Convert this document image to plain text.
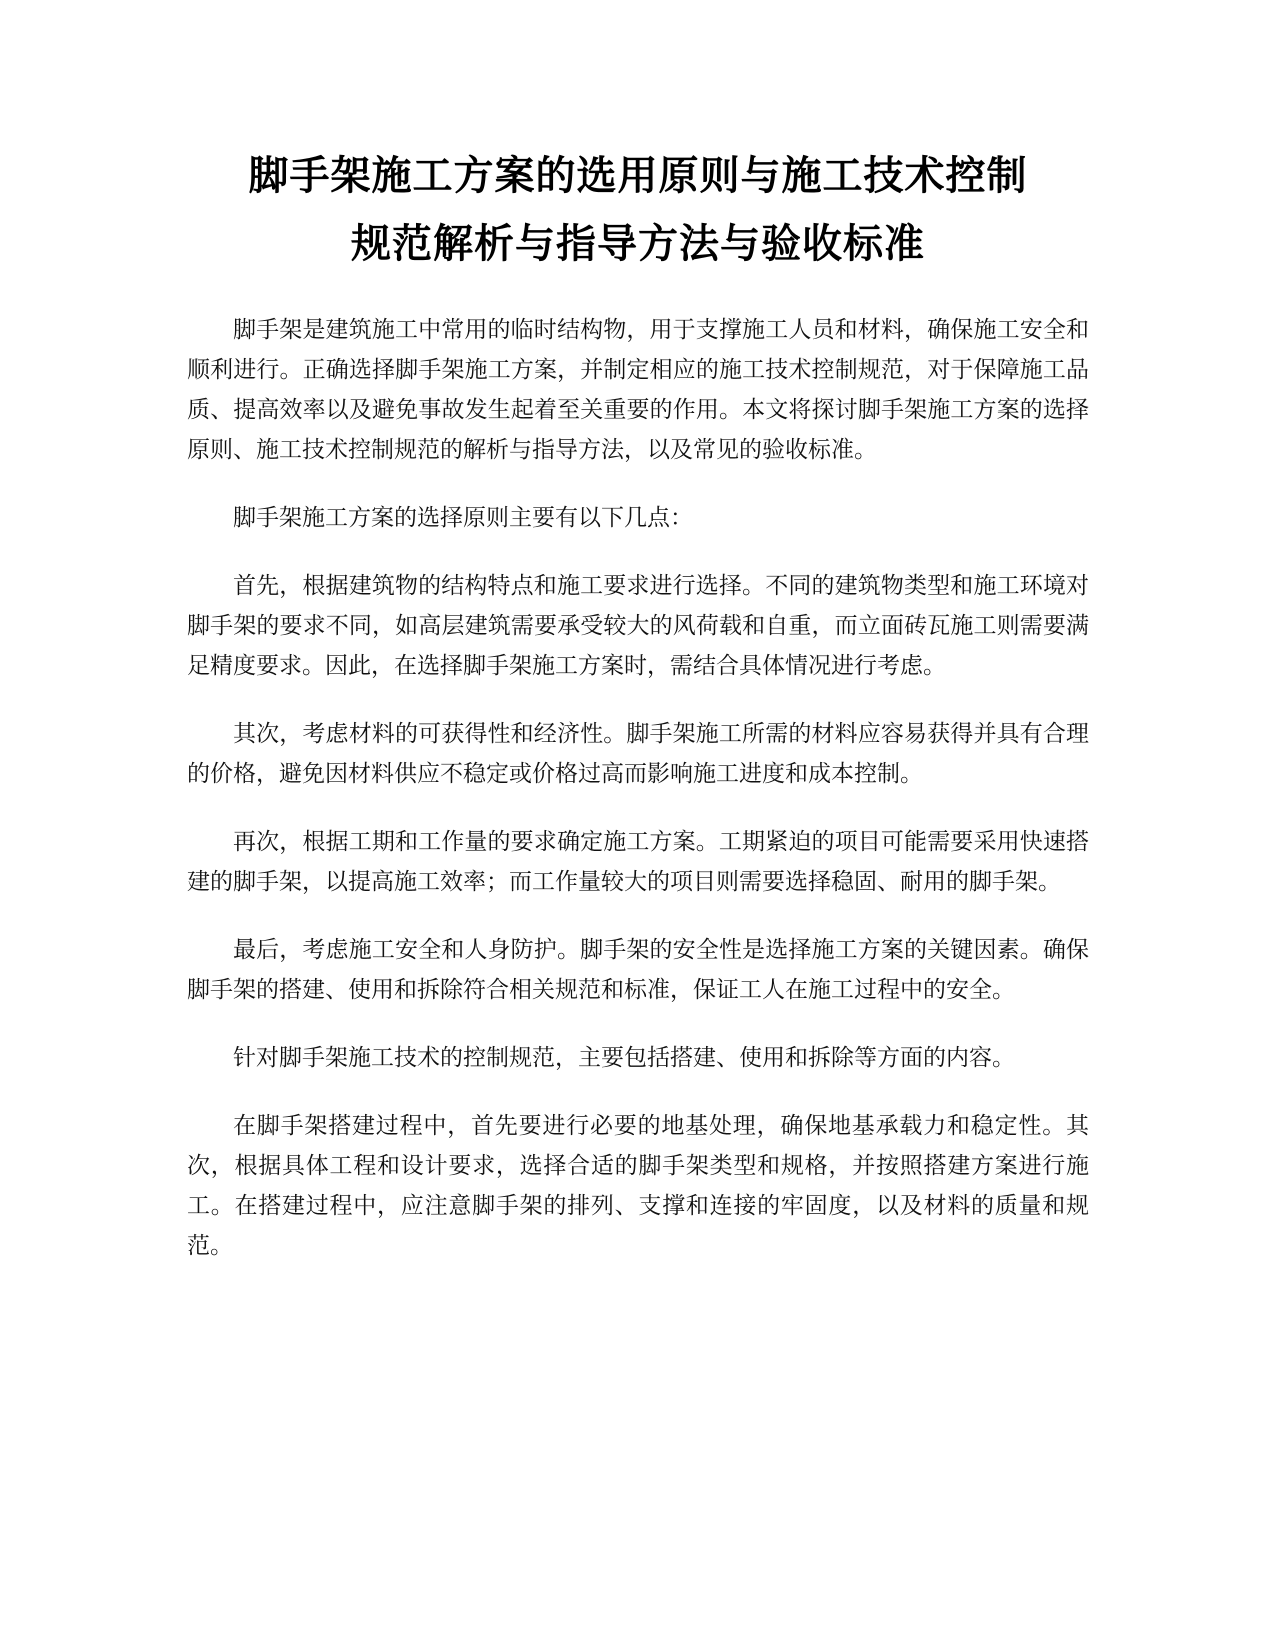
脚手架施工方案的选用原则与施工技术控制
规范解析与指导方法与验收标准

脚手架是建筑施工中常用的临时结构物，用于支撑施工人员和材料，确保施工安全和顺利进行。正确选择脚手架施工方案，并制定相应的施工技术控制规范，对于保障施工品质、提高效率以及避免事故发生起着至关重要的作用。本文将探讨脚手架施工方案的选择原则、施工技术控制规范的解析与指导方法，以及常见的验收标准。

脚手架施工方案的选择原则主要有以下几点：

首先，根据建筑物的结构特点和施工要求进行选择。不同的建筑物类型和施工环境对脚手架的要求不同，如高层建筑需要承受较大的风荷载和自重，而立面砖瓦施工则需要满足精度要求。因此，在选择脚手架施工方案时，需结合具体情况进行考虑。

其次，考虑材料的可获得性和经济性。脚手架施工所需的材料应容易获得并具有合理的价格，避免因材料供应不稳定或价格过高而影响施工进度和成本控制。

再次，根据工期和工作量的要求确定施工方案。工期紧迫的项目可能需要采用快速搭建的脚手架，以提高施工效率；而工作量较大的项目则需要选择稳固、耐用的脚手架。

最后，考虑施工安全和人身防护。脚手架的安全性是选择施工方案的关键因素。确保脚手架的搭建、使用和拆除符合相关规范和标准，保证工人在施工过程中的安全。

针对脚手架施工技术的控制规范，主要包括搭建、使用和拆除等方面的内容。

在脚手架搭建过程中，首先要进行必要的地基处理，确保地基承载力和稳定性。其次，根据具体工程和设计要求，选择合适的脚手架类型和规格，并按照搭建方案进行施工。在搭建过程中，应注意脚手架的排列、支撑和连接的牢固度，以及材料的质量和规范。
